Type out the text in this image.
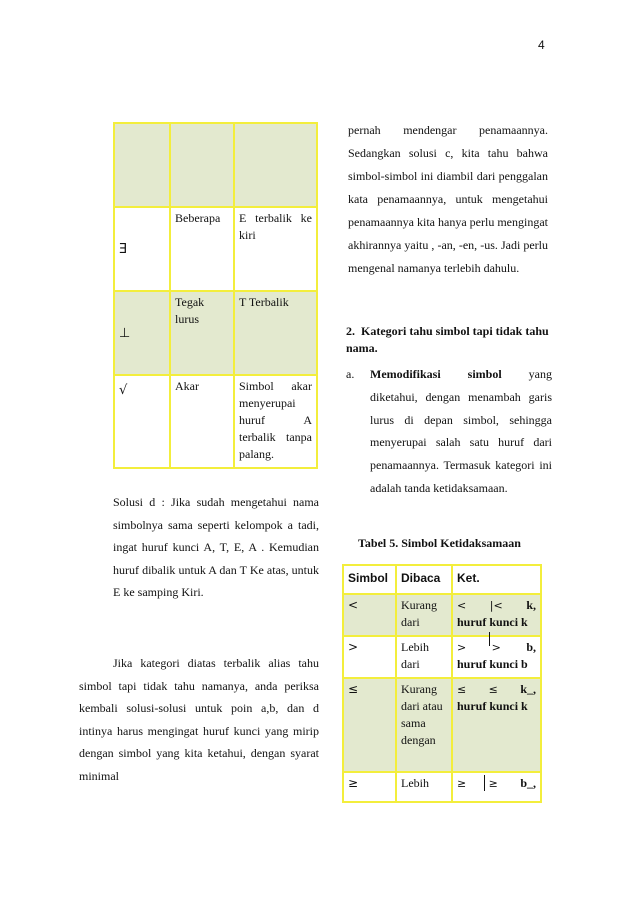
4

Ǝ	Beberapa	E terbalik ke kiri
⊥	Tegak lurus	T Terbalik
√	Akar	Simbol akar menyerupai huruf A terbalik tanpa palang.
Solusi d : Jika sudah mengetahui nama simbolnya sama seperti kelompok a tadi, ingat huruf kunci A, T, E, A . Kemudian huruf dibalik untuk A dan T Ke atas, untuk E ke samping Kiri.
Jika kategori diatas terbalik alias tahu simbol tapi tidak tahu namanya, anda periksa kembali solusi-solusi untuk poin a,b, dan d intinya harus mengingat huruf kunci yang mirip dengan simbol yang kita ketahui, dengan syarat minimal
pernah mendengar penamaannya. Sedangkan solusi c, kita tahu bahwa simbol-simbol ini diambil dari penggalan kata penamaannya, untuk mengetahui penamaannya kita hanya perlu mengingat akhirannya yaitu , -an, -en, -us. Jadi perlu mengenal namanya terlebih dahulu.
2. Kategori tahu simbol tapi tidak tahu nama.
a. Memodifikasi simbol yang diketahui, dengan menambah garis lurus di depan simbol, sehingga menyerupai salah satu huruf dari penamaannya. Termasuk kategori ini adalah tanda ketidaksamaan.
Tabel 5. Simbol Ketidaksamaan
Simbol	Dibaca	Ket.
<	Kurang dari	< |< k,
huruf kunci k

>	Lebih dari	> > b,
huruf kunci b

≤	Kurang dari atau sama dengan	≤ ≤ k_,
huruf kunci k

≥	Lebih	≥ ≥ b_,
